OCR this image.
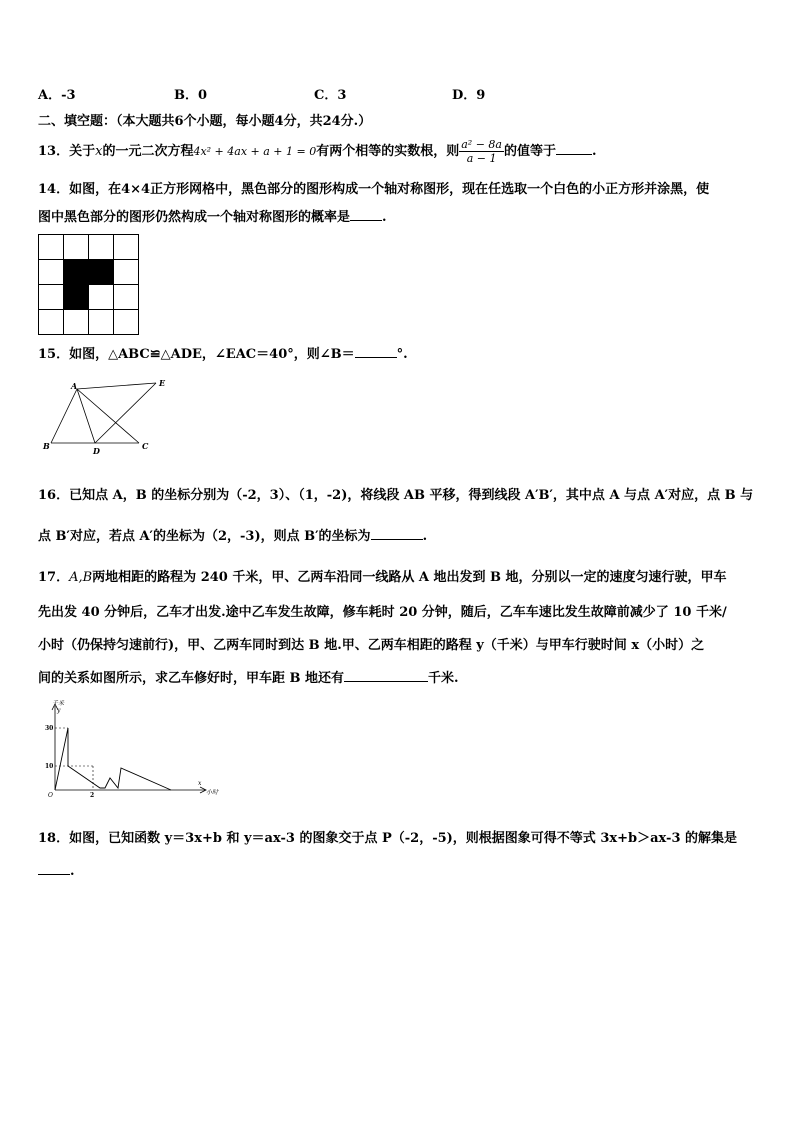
A．-3	B．0	C．3	D．9
二、填空题：（本大题共6个小题，每小题4分，共24分.）
13．关于x的一元二次方程4x² + 4ax + a + 1 = 0有两个相等的实数根，则 $\frac{\text{a² − 8a}}{a - 1}$ 的值等于	.
14．如图，在4×4正方形网格中，黑色部分的图形构成一个轴对称图形，现在任选取一个白色的小正方形并涂黑，使
图中黑色部分的图形仍然构成一个轴对称图形的概率是 .
15．如图，△ABC≌△ADE，∠EAC＝40°，则∠B＝	°.
A	E
B	D	C
16．已知点 A，B 的坐标分别为（-2，3）、（1，-2)，将线段 AB 平移，得到线段 A′B′，其中点 A 与点 A′对应，点 B 与
点 B′对应，若点 A′的坐标为（2，-3)，则点 B′的坐标为	.
17．A,B两地相距的路程为 240 千米，甲、乙两车沿同一线路从 A 地出发到 B 地，分别以一定的速度匀速行驶，甲车
先出发 40 分钟后，乙车才出发.途中乙车发生故障，修车耗时 20 分钟，随后，乙车车速比发生故障前减少了 10 千米/
小时（仍保持匀速前行)，甲、乙两车同时到达 B 地.甲、乙两车相距的路程 y（千米）与甲车行驶时间 x（小时）之
间的关系如图所示，求乙车修好时，甲车距 B 地还有	千米.
千米
y
30
10
O	2
x
小时
18．如图，已知函数 y＝3x+b 和 y＝ax-3 的图象交于点 P（-2，-5)，则根据图象可得不等式 3x+b＞ax-3 的解集是
.
